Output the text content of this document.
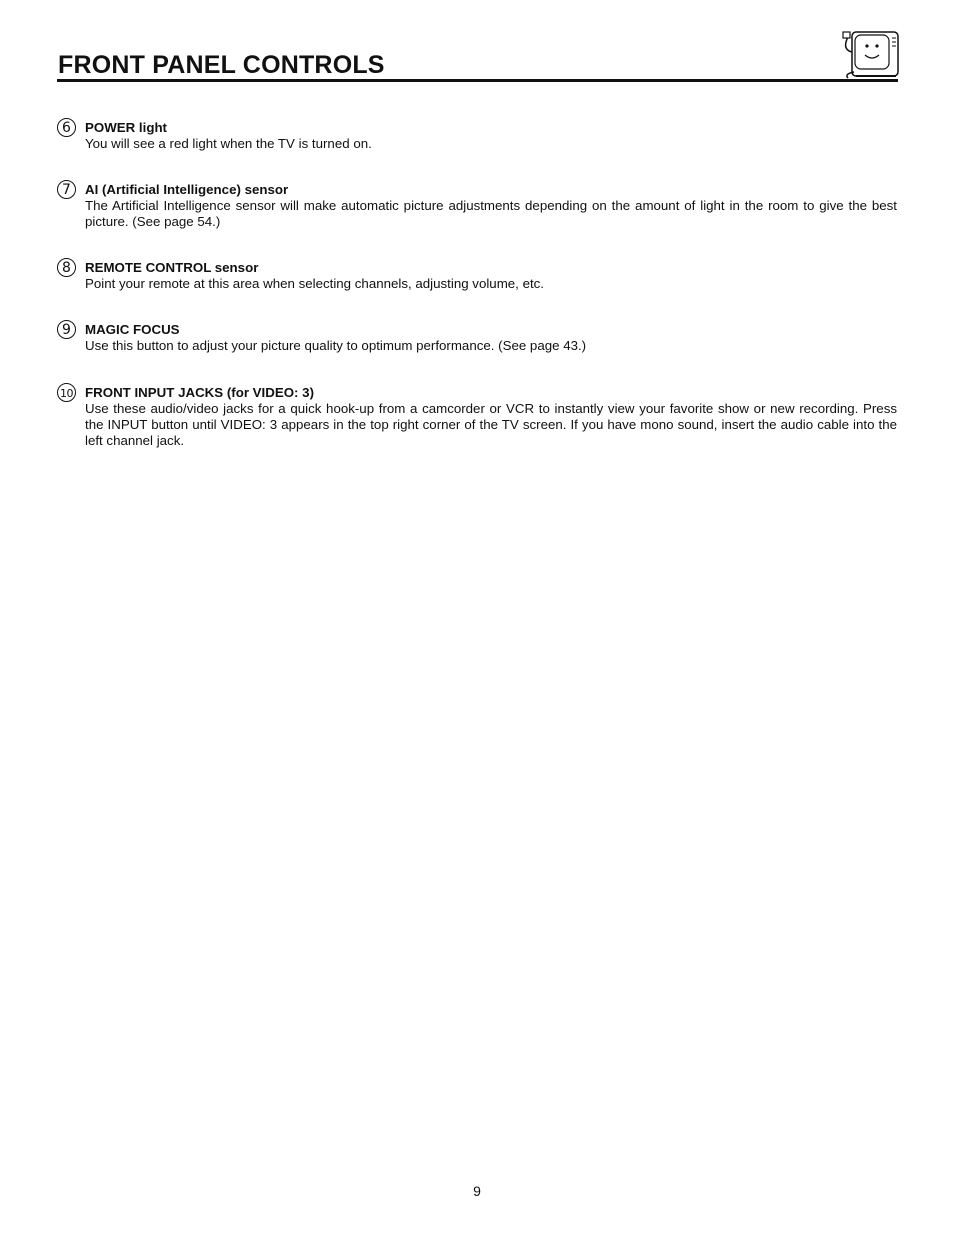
FRONT PANEL CONTROLS
6	POWER light
You will see a red light when the TV is turned on.
7	AI (Artificial Intelligence) sensor
The Artificial Intelligence sensor will make automatic picture adjustments depending on the amount of light in the room to give the best picture. (See page 54.)
8	REMOTE CONTROL sensor
Point your remote at this area when selecting channels, adjusting volume, etc.
9	MAGIC FOCUS
Use this button to adjust your picture quality to optimum performance. (See page 43.)
10 FRONT INPUT JACKS (for VIDEO: 3)
Use these audio/video jacks for a quick hook-up from a camcorder or VCR to instantly view your favorite show or new recording. Press the INPUT button until VIDEO: 3 appears in the top right corner of the TV screen. If you have mono sound, insert the audio cable into the left channel jack.
9
